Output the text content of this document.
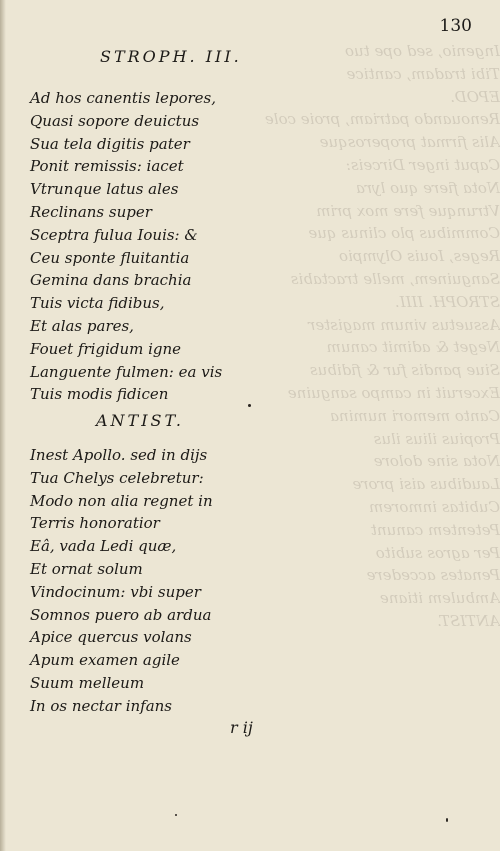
Ingenio, sed ope tuo
Tibi tradam, cantice
EPOD.
Renouando patriam, proie cole
Alis firmat properosque
Caput inger Dirceis:
Nota fiere quo lyra
Vtrunque fere mox prim
Commibus plo clinus que
Reges, Iouis Olympio
Sanguinem, melle tractabis
STROPH. IIII.
Assuetus vinum magister
Neget & adimit canum
Siue pandis fur & fidibus
Exceruit in campo sanguine
Canto memori numina
Propius ilius ilus
Nota sine dolore
Laudibus aisi prore
Cubitas inmorem
Petentem canunt
Per agros subito
Penates accedere
Ambulem itiane
ANTIST.
130
STROPH. III.
Ad hos canentis lepores,
Quasi sopore deuictus
Sua tela digitis pater
Ponit remissis: iacet
Vtrunque latus ales
Reclinans super
Sceptra fulua Iouis: &
Ceu sponte fluitantia
Gemina dans brachia
Tuis victa fidibus,
Et alas pares,
Fouet frigidum igne
Languente fulmen: ea vis
Tuis modis fidicen
ANTIST.
Inest Apollo. sed in dijs
Tua Chelys celebretur:
Modo non alia regnet in
Terris honoratior
Eâ, vada Ledi quæ,
Et ornat solum
Vindocinum: vbi super
Somnos puero ab ardua
Apice quercus volans
Apum examen agile
Suum melleum
In os nectar infans
r ij
